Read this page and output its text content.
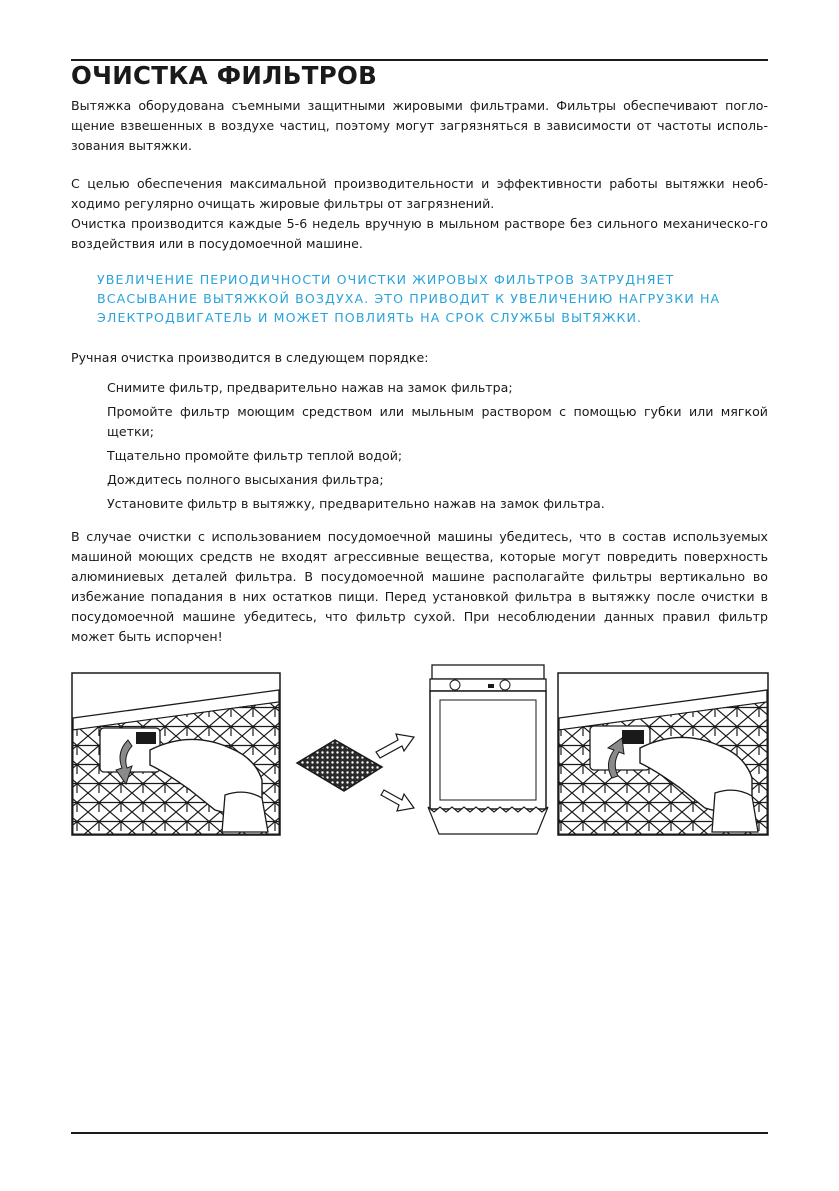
ОЧИСТКА ФИЛЬТРОВ

Вытяжка оборудована съемными защитными жировыми фильтрами. Фильтры обеспечивают погло-щение взвешенных в воздухе частиц, поэтому могут загрязняться в зависимости от частоты исполь-зования вытяжки.

С целью обеспечения максимальной производительности и эффективности работы вытяжки необ-ходимо регулярно очищать жировые фильтры от загрязнений.

Очистка производится каждые 5-6 недель вручную в мыльном растворе без сильного механическо-го воздействия или в посудомоечной машине.

УВЕЛИЧЕНИЕ ПЕРИОДИЧНОСТИ ОЧИСТКИ ЖИРОВЫХ ФИЛЬТРОВ ЗАТРУДНЯЕТ ВСАСЫВАНИЕ ВЫТЯЖКОЙ ВОЗДУХА. ЭТО ПРИВОДИТ К УВЕЛИЧЕНИЮ НАГРУЗКИ НА ЭЛЕКТРОДВИГАТЕЛЬ И МОЖЕТ ПОВЛИЯТЬ НА СРОК СЛУЖБЫ ВЫТЯЖКИ.

Ручная очистка производится в следующем порядке:

Снимите фильтр, предварительно нажав на замок фильтра;
Промойте фильтр моющим средством или мыльным раствором с помощью губки или мягкой щетки;
Тщательно промойте фильтр теплой водой;
Дождитесь полного высыхания фильтра;
Установите фильтр в вытяжку, предварительно нажав на замок фильтра.

В случае очистки с использованием посудомоечной машины убедитесь, что в состав используемых машиной моющих средств не входят агрессивные вещества, которые могут повредить поверхность алюминиевых деталей фильтра. В посудомоечной машине располагайте фильтры вертикально во избежание попадания в них остатков пищи. Перед установкой фильтра в вытяжку после очистки в посудомоечной машине убедитесь, что фильтр сухой. При несоблюдении данных правил фильтр может быть испорчен!
